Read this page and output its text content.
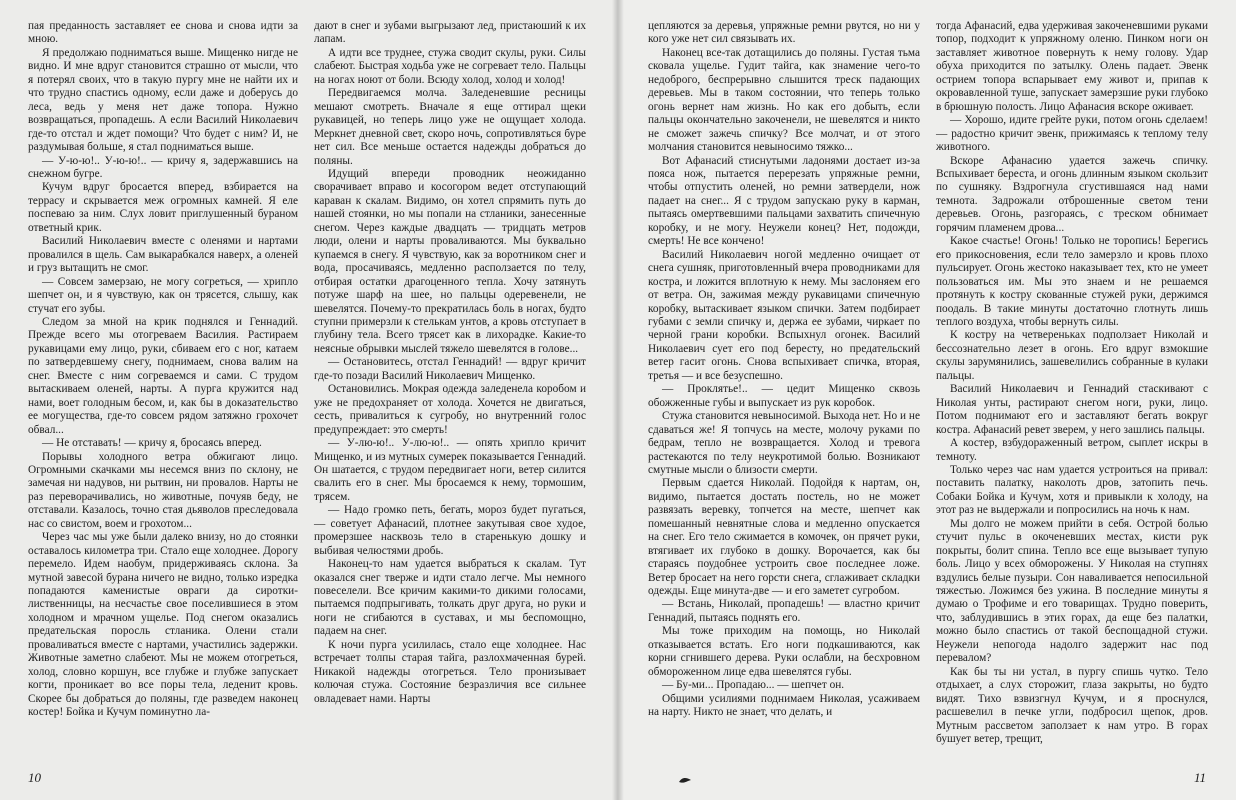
пая преданность заставляет ее снова и снова идти за мною.

Я предолжаю подниматься выше. Мищенко нигде не видно. И мне вдруг становится страшно от мысли, что я потерял своих, что в такую пургу мне не найти их и что трудно спастись одному, если даже и доберусь до леса, ведь у меня нет даже топора. Нужно возвращаться, пропадешь. А если Василий Николаевич где-то отстал и ждет помощи? Что будет с ним? И, не раздумывая больше, я стал подниматься выше.

— У-ю-ю!.. У-ю-ю!.. — кричу я, задержавшись на снежном бугре.

Кучум вдруг бросается вперед, взбирается на террасу и скрывается меж огромных камней. Я еле поспеваю за ним. Слух ловит приглушенный бураном ответный крик.

Василий Николаевич вместе с оленями и нартами провалился в щель. Сам выкарабкался наверх, а оленей и груз вытащить не смог.

— Совсем замерзаю, не могу согреться, — хрипло шепчет он, и я чувствую, как он трясется, слышу, как стучат его зубы.

Следом за мной на крик поднялся и Геннадий. Прежде всего мы отогреваем Василия. Растираем рукавицами ему лицо, руки, сбиваем его с ног, катаем по затвердевшему снегу, поднимаем, снова валим на снег. Вместе с ним согреваемся и сами. С трудом вытаскиваем оленей, нарты. А пурга кружится над нами, воет голодным бесом, и, как бы в доказательство ее могущества, где-то совсем рядом затяжно грохочет обвал...

— Не отставать! — кричу я, бросаясь вперед.

Порывы холодного ветра обжигают лицо. Огромными скачками мы несемся вниз по склону, не замечая ни надувов, ни рытвин, ни провалов. Нарты не раз переворачивались, но животные, почуяв беду, не отставали. Казалось, точно стая дьяволов преследовала нас со свистом, воем и грохотом...

Через час мы уже были далеко внизу, но до стоянки оставалось километра три. Стало еще холоднее. Дорогу перемело. Идем наобум, придерживаясь склона. За мутной завесой бурана ничего не видно, только изредка попадаются каменистые овраги да сиротки-лиственницы, на несчастье свое поселившиеся в этом холодном и мрачном ущелье. Под снегом оказались предательская поросль стланика. Олени стали проваливаться вместе с нартами, участились задержки. Животные заметно слабеют. Мы не можем отогреться, холод, словно коршун, все глубже и глубже запускает когти, проникает во все поры тела, леденит кровь. Скорее бы добраться до поляны, где разведем наконец костер! Бойка и Кучум поминутно ла-

дают в снег и зубами выгрызают лед, пристаюший к их лапам.

А идти все труднее, стужа сводит скулы, руки. Силы слабеют. Быстрая ходьба уже не согревает тело. Пальцы на ногах ноют от боли. Всюду холод, холод и холод!

Передвигаемся молча. Заледеневшие ресницы мешают смотреть. Вначале я еще оттирал щеки рукавицей, но теперь лицо уже не ощущает холода. Меркнет дневной свет, скоро ночь, сопротивляться буре нет сил. Все меньше остается надежды добраться до поляны.

Идущий впереди проводник неожиданно сворачивает вправо и косогором ведет отступающий караван к скалам. Видимо, он хотел спрямить путь до нашей стоянки, но мы попали на стланики, занесенные снегом. Через каждые двадцать — тридцать метров люди, олени и нарты проваливаются. Мы буквально купаемся в снегу. Я чувствую, как за воротником снег и вода, просачиваясь, медленно расползается по телу, отбирая остатки драгоценного тепла. Хочу затянуть потуже шарф на шее, но пальцы одеревенели, не шевелятся. Почему-то прекратилась боль в ногах, будто ступни примерзли к стелькам унтов, а кровь отступает в глубину тела. Всего трясет как в лихорадке. Какие-то неясные обрывки мыслей тяжело шевелятся в голове...

— Остановитесь, отстал Геннадий! — вдруг кричит где-то позади Василий Николаевич Мищенко.

Остановились. Мокрая одежда заледенела коробом и уже не предохраняет от холода. Хочется не двигаться, сесть, привалиться к сугробу, но внутренний голос предупреждает: это смерть!

— У-лю-ю!.. У-лю-ю!.. — опять хрипло кричит Мищенко, и из мутных сумерек показывается Геннадий. Он шатается, с трудом передвигает ноги, ветер силится свалить его в снег. Мы бросаемся к нему, тормошим, трясем.

— Надо громко петь, бегать, мороз будет пугаться, — советует Афанасий, плотнее закутывая свое худое, промерзшее насквозь тело в старенькую дошку и выбивая челюстями дробь.

Наконец-то нам удается выбраться к скалам. Тут оказался снег тверже и идти стало легче. Мы немного повеселели. Все кричим какими-то дикими голосами, пытаемся подпрыгивать, толкать друг друга, но руки и ноги не сгибаются в суставах, и мы беспомощно, падаем на снег.

К ночи пурга усилилась, стало еще холоднее. Нас встречает толпы старая тайга, разлохмаченная бурей. Никакой надежды отогреться. Тело пронизывает колючая стужа. Состояние безразличия все сильнее овладевает нами. Нарты

10

цепляются за деревья, упряжные ремни рвутся, но ни у кого уже нет сил связывать их.

Наконец все-так дотащились до поляны. Густая тьма сковала ущелье. Гудит тайга, как знамение чего-то недоброго, беспрерывно слышится треск падающих деревьев. Мы в таком состоянии, что теперь только огонь вернет нам жизнь. Но как его добыть, если пальцы окончательно закоченели, не шевелятся и никто не сможет зажечь спичку? Все молчат, и от этого молчания становится невыносимо тяжко...

Вот Афанасий стиснутыми ладонями достает из-за пояса нож, пытается перерезать упряжные ремни, чтобы отпустить оленей, но ремни затвердели, нож падает на снег... Я с трудом запускаю руку в карман, пытаясь омертвевшими пальцами захватить спичечную коробку, и не могу. Неужели конец? Нет, подожди, смерть! Не все кончено!

Василий Николаевич ногой медленно очищает от снега сушняк, приготовленный вчера проводниками для костра, и ложится вплотную к нему. Мы заслоняем его от ветра. Он, зажимая между рукавицами спичечную коробку, вытаскивает языком спички. Затем подбирает губами с земли спичку и, держа ее зубами, чиркает по черной грани коробки. Вспыхнул огонек. Василий Николаевич сует его под бересту, но предательский ветер гасит огонь. Снова вспыхивает спичка, вторая, третья — и все безуспешно.

— Проклятье!.. — цедит Мищенко сквозь обожженные губы и выпускает из рук коробок.

Стужа становится невыносимой. Выхода нет. Но и не сдаваться же! Я топчусь на месте, молочу руками по бедрам, тепло не возвращается. Холод и тревога растекаются по телу неукротимой болью. Возникают смутные мысли о близости смерти.

Первым сдается Николай. Подойдя к нартам, он, видимо, пытается достать постель, но не может развязать веревку, топчется на месте, шепчет как помешанный невнятные слова и медленно опускается на снег. Его тело сжимается в комочек, он прячет руки, втягивает их глубоко в дошку. Ворочается, как бы стараясь поудобнее устроить свое последнее ложе. Ветер бросает на него горсти снега, сглаживает складки одежды. Еще минута-две — и его заметет сугробом.

— Встань, Николай, пропадешь! — властно кричит Геннадий, пытаясь поднять его.

Мы тоже приходим на помощь, но Николай отказывается встать. Его ноги подкашиваются, как корни сгнившего дерева. Руки ослабли, на бесхровном обмороженном лице едва шевелятся губы.

— Бу-ми... Пропадаю... — шепчет он.

Общими усилиями поднимаем Николая, усаживаем на нарту. Никто не знает, что делать, и

тогда Афанасий, едва удерживая закоченевшими руками топор, подходит к упряжному оленю. Пинком ноги он заставляет животное повернуть к нему голову. Удар обуха приходится по затылку. Олень падает. Эвенк острием топора вспарывает ему живот и, припав к окровавленной туше, запускает замерзшие руки глубоко в брюшную полость. Лицо Афанасия вскоре оживает.

— Хорошо, идите грейте руки, потом огонь сделаем! — радостно кричит эвенк, прижимаясь к теплому телу животного.

Вскоре Афанасию удается зажечь спичку. Вспыхивает береста, и огонь длинным языком скользит по сушняку. Вздрогнула сгустившаяся над нами темнота. Задрожали отброшенные светом тени деревьев. Огонь, разгораясь, с треском обнимает горячим пламенем дрова...

Какое счастье! Огонь! Только не торопись! Берегись его прикосновения, если тело замерзло и кровь плохо пульсирует. Огонь жестоко наказывает тех, кто не умеет пользоваться им. Мы это знаем и не решаемся протянуть к костру скованные стужей руки, держимся поодаль. В такие минуты достаточно глотнуть лишь теплого воздуха, чтобы вернуть силы.

К костру на четвереньках подползает Николай и бессознательно лезет в огонь. Его вдруг взмокшие скулы зарумянились, зашевелились собранные в кулаки пальцы.

Василий Николаевич и Геннадий стаскивают с Николая унты, растирают снегом ноги, руки, лицо. Потом поднимают его и заставляют бегать вокруг костра. Афанасий ревет зверем, у него зашлись пальцы.

А костер, взбудораженный ветром, сыплет искры в темноту.

Только через час нам удается устроиться на привал: поставить палатку, наколоть дров, затопить печь. Собаки Бойка и Кучум, хотя и привыкли к холоду, на этот раз не выдержали и попросились на ночь к нам.

Мы долго не можем прийти в себя. Острой болью стучит пульс в окоченевших местах, кисти рук покрыты, болит спина. Тепло все еще вызывает тупую боль. Лицо у всех обморожены. У Николая на ступнях вздулись белые пузыри. Сон наваливается непосильной тяжестью. Ложимся без ужина. В последние минуты я думаю о Трофиме и его товарищах. Трудно поверить, что, заблудившись в этих горах, да еще без палатки, можно было спастись от такой беспощадной стужи. Неужели непогода надолго задержит нас под перевалом?

Как бы ты ни устал, в пургу спишь чутко. Тело отдыхает, а слух сторожит, глаза закрыты, но будто видят. Тихо взвизгнул Кучум, и я проснулся, расшевелил в печке угли, подбросил щепок, дров. Мутным рассветом заползает к нам утро. В горах бушует ветер, трещит,

11
